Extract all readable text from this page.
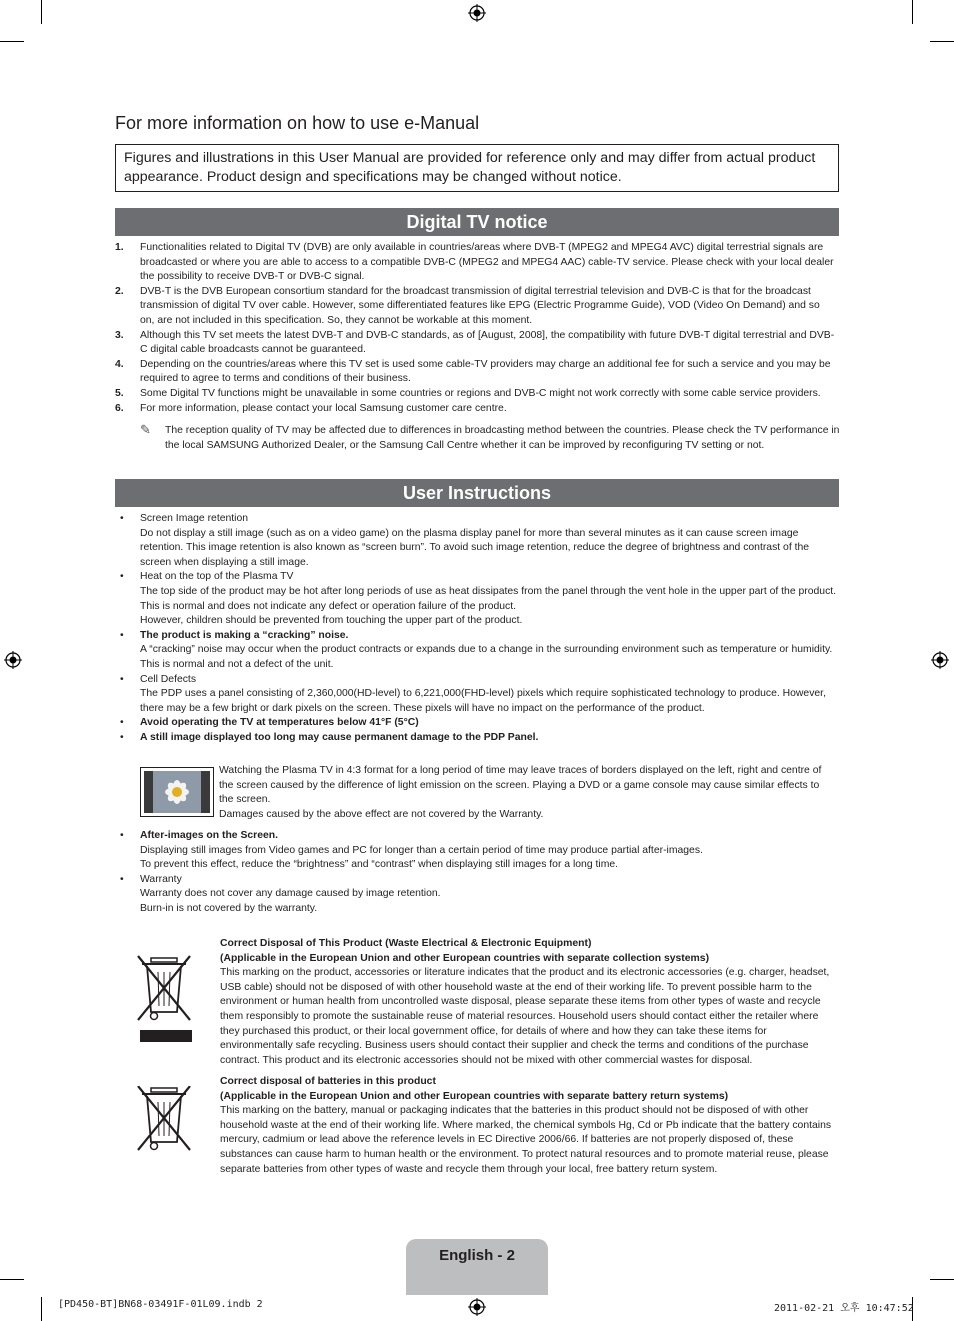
For more information on how to use e-Manual
Figures and illustrations in this User Manual are provided for reference only and may differ from actual product appearance. Product design and specifications may be changed without notice.
Digital TV notice
1. Functionalities related to Digital TV (DVB) are only available in countries/areas where DVB-T (MPEG2 and MPEG4 AVC) digital terrestrial signals are broadcasted or where you are able to access to a compatible DVB-C (MPEG2 and MPEG4 AAC) cable-TV service. Please check with your local dealer the possibility to receive DVB-T or DVB-C signal.
2. DVB-T is the DVB European consortium standard for the broadcast transmission of digital terrestrial television and DVB-C is that for the broadcast transmission of digital TV over cable. However, some differentiated features like EPG (Electric Programme Guide), VOD (Video On Demand) and so on, are not included in this specification. So, they cannot be workable at this moment.
3. Although this TV set meets the latest DVB-T and DVB-C standards, as of [August, 2008], the compatibility with future DVB-T digital terrestrial and DVB-C digital cable broadcasts cannot be guaranteed.
4. Depending on the countries/areas where this TV set is used some cable-TV providers may charge an additional fee for such a service and you may be required to agree to terms and conditions of their business.
5. Some Digital TV functions might be unavailable in some countries or regions and DVB-C might not work correctly with some cable service providers.
6. For more information, please contact your local Samsung customer care centre.
✎ The reception quality of TV may be affected due to differences in broadcasting method between the countries. Please check the TV performance in the local SAMSUNG Authorized Dealer, or the Samsung Call Centre whether it can be improved by reconfiguring TV setting or not.
User Instructions
• Screen Image retention
Do not display a still image (such as on a video game) on the plasma display panel for more than several minutes as it can cause screen image retention. This image retention is also known as “screen burn”. To avoid such image retention, reduce the degree of brightness and contrast of the screen when displaying a still image.
• Heat on the top of the Plasma TV
The top side of the product may be hot after long periods of use as heat dissipates from the panel through the vent hole in the upper part of the product.
This is normal and does not indicate any defect or operation failure of the product.
However, children should be prevented from touching the upper part of the product.
• The product is making a “cracking” noise.
A “cracking” noise may occur when the product contracts or expands due to a change in the surrounding environment such as temperature or humidity. This is normal and not a defect of the unit.
• Cell Defects
The PDP uses a panel consisting of 2,360,000(HD-level) to 6,221,000(FHD-level) pixels which require sophisticated technology to produce. However, there may be a few bright or dark pixels on the screen. These pixels will have no impact on the performance of the product.
• Avoid operating the TV at temperatures below 41°F (5°C)
• A still image displayed too long may cause permanent damage to the PDP Panel.
Watching the Plasma TV in 4:3 format for a long period of time may leave traces of borders displayed on the left, right and centre of the screen caused by the difference of light emission on the screen. Playing a DVD or a game console may cause similar effects to the screen.
Damages caused by the above effect are not covered by the Warranty.
• After-images on the Screen.
Displaying still images from Video games and PC for longer than a certain period of time may produce partial after-images.
To prevent this effect, reduce the “brightness” and “contrast” when displaying still images for a long time.
• Warranty
Warranty does not cover any damage caused by image retention.
Burn-in is not covered by the warranty.
Correct Disposal of This Product (Waste Electrical & Electronic Equipment)
(Applicable in the European Union and other European countries with separate collection systems)
This marking on the product, accessories or literature indicates that the product and its electronic accessories (e.g. charger, headset, USB cable) should not be disposed of with other household waste at the end of their working life. To prevent possible harm to the environment or human health from uncontrolled waste disposal, please separate these items from other types of waste and recycle them responsibly to promote the sustainable reuse of material resources. Household users should contact either the retailer where they purchased this product, or their local government office, for details of where and how they can take these items for environmentally safe recycling. Business users should contact their supplier and check the terms and conditions of the purchase contract. This product and its electronic accessories should not be mixed with other commercial wastes for disposal.
Correct disposal of batteries in this product
(Applicable in the European Union and other European countries with separate battery return systems)
This marking on the battery, manual or packaging indicates that the batteries in this product should not be disposed of with other household waste at the end of their working life. Where marked, the chemical symbols Hg, Cd or Pb indicate that the battery contains mercury, cadmium or lead above the reference levels in EC Directive 2006/66. If batteries are not properly disposed of, these substances can cause harm to human health or the environment. To protect natural resources and to promote material reuse, please separate batteries from other types of waste and recycle them through your local, free battery return system.
English - 2
[PD450-BT]BN68-03491F-01L09.indb 2	2011-02-21 오후 10:47:52
